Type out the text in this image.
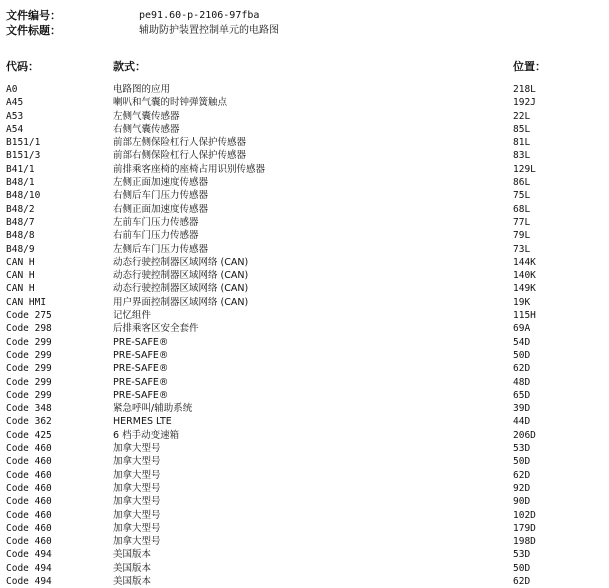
文件编号：	pe91.60-p-2106-97fba
文件标题：	辅助防护装置控制单元的电路图
代码：	款式：	位置：
A0	电路图的应用	218L
A45	喇叭和气囊的时钟弹簧触点	192J
A53	左侧气囊传感器	22L
A54	右侧气囊传感器	85L
B151/1	前部左侧保险杠行人保护传感器	81L
B151/3	前部右侧保险杠行人保护传感器	83L
B41/1	前排乘客座椅的座椅占用识别传感器	129L
B48/1	左侧正面加速度传感器	86L
B48/10	右侧后车门压力传感器	75L
B48/2	右侧正面加速度传感器	68L
B48/7	左前车门压力传感器	77L
B48/8	右前车门压力传感器	79L
B48/9	左侧后车门压力传感器	73L
CAN H	动态行驶控制器区域网络 (CAN)	144K
CAN H	动态行驶控制器区域网络 (CAN)	140K
CAN H	动态行驶控制器区域网络 (CAN)	149K
CAN HMI	用户界面控制器区域网络 (CAN)	19K
Code 275	记忆组件	115H
Code 298	后排乘客区安全套件	69A
Code 299	PRE-SAFE®	54D
Code 299	PRE-SAFE®	50D
Code 299	PRE-SAFE®	62D
Code 299	PRE-SAFE®	48D
Code 299	PRE-SAFE®	65D
Code 348	紧急呼叫/辅助系统	39D
Code 362	HERMES LTE	44D
Code 425	6 档手动变速箱	206D
Code 460	加拿大型号	53D
Code 460	加拿大型号	50D
Code 460	加拿大型号	62D
Code 460	加拿大型号	92D
Code 460	加拿大型号	90D
Code 460	加拿大型号	102D
Code 460	加拿大型号	179D
Code 460	加拿大型号	198D
Code 494	美国版本	53D
Code 494	美国版本	50D
Code 494	美国版本	62D
